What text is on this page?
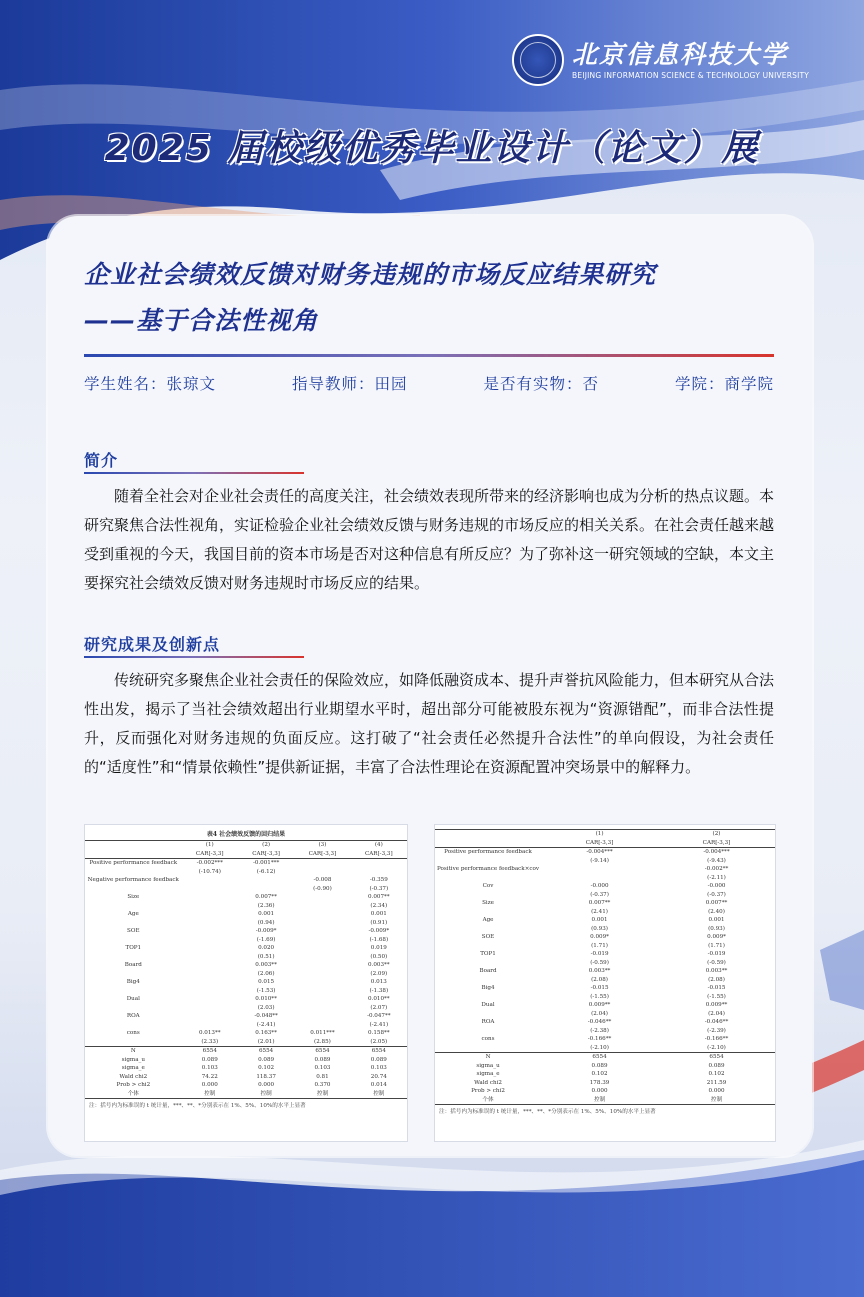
北京信息科技大学
BEIJING INFORMATION SCIENCE & TECHNOLOGY UNIVERSITY
2025 届校级优秀毕业设计（论文）展
企业社会绩效反馈对财务违规的市场反应结果研究
——基于合法性视角
学生姓名：张琼文	指导教师：田园	是否有实物：否	学院：商学院
简介
随着全社会对企业社会责任的高度关注，社会绩效表现所带来的经济影响也成为分析的热点议题。本研究聚焦合法性视角，实证检验企业社会绩效反馈与财务违规的市场反应的相关关系。在社会责任越来越受到重视的今天，我国目前的资本市场是否对这种信息有所反应？为了弥补这一研究领域的空缺，本文主要探究社会绩效反馈对财务违规时市场反应的结果。
研究成果及创新点
传统研究多聚焦企业社会责任的保险效应，如降低融资成本、提升声誉抗风险能力，但本研究从合法性出发，揭示了当社会绩效超出行业期望水平时，超出部分可能被股东视为“资源错配”，而非合法性提升，反而强化对财务违规的负面反应。这打破了“社会责任必然提升合法性”的单向假设，为社会责任的“适度性”和“情景依赖性”提供新证据，丰富了合法性理论在资源配置冲突场景中的解释力。
表4 社会绩效反馈的回归结果
	(1)	(2)	(3)	(4)
	CAR[-3,3]	CAR[-3,3]	CAR[-3,3]	CAR[-3,3]
Positive performance feedback	-0.002***	-0.001***		
	(-10.74)	(-6.12)		
Negative performance feedback			-0.008	-0.359
			(-0.90)	(-0.37)
Size		0.007**		0.007**
		(2.36)		(2.34)
Age		0.001		0.001
		(0.94)		(0.91)
SOE		-0.009*		-0.009*
		(-1.69)		(-1.68)
TOP1		0.020		0.019
		(0.51)		(0.50)
Board		0.003**		0.003**
		(2.06)		(2.09)
Big4		0.015		0.013
		(-1.53)		(-1.38)
Dual		0.010**		0.010**
		(2.03)		(2.07)
ROA		-0.048**		-0.047**
		(-2.41)		(-2.41)
cons	0.013**	0.163**	0.011***	0.158**
	(2.33)	(2.01)	(2.85)	(2.05)
N	6554	6554	6554	6554
sigma_u	0.089	0.089	0.089	0.089
sigma_e	0.103	0.102	0.103	0.103
Wald chi2	74.22	118.37	0.81	20.74
Prob > chi2	0.000	0.000	0.370	0.014
个体	控制	控制	控制	控制
注：括号内为标准误的 t 统计量，***、**、*分别表示在 1%、5%、10%的水平上显著
	(1)	(2)
	CAR[-3,3]	CAR[-3,3]
Positive performance feedback	-0.004***	-0.004***
	(-9.14)	(-9.43)
Positive performance feedback×cov		-0.002**
		(-2.11)
Cov	-0.000	-0.000
	(-0.37)	(-0.37)
Size	0.007**	0.007**
	(2.41)	(2.40)
Age	0.001	0.001
	(0.93)	(0.93)
SOE	0.009*	0.009*
	(1.71)	(1.71)
TOP1	-0.019	-0.019
	(-0.59)	(-0.59)
Board	0.003**	0.003**
	(2.08)	(2.08)
Big4	-0.015	-0.015
	(-1.55)	(-1.55)
Dual	0.009**	0.009**
	(2.04)	(2.04)
ROA	-0.046**	-0.046**
	(-2.38)	(-2.39)
cons	-0.166**	-0.166**
	(-2.10)	(-2.10)
N	6554	6554
sigma_u	0.089	0.089
sigma_e	0.102	0.102
Wald chi2	178.39	211.59
Prob > chi2	0.000	0.000
个体	控制	控制
注：括号内为标准误的 t 统计量，***、**、*分别表示在 1%、5%、10%的水平上显著
